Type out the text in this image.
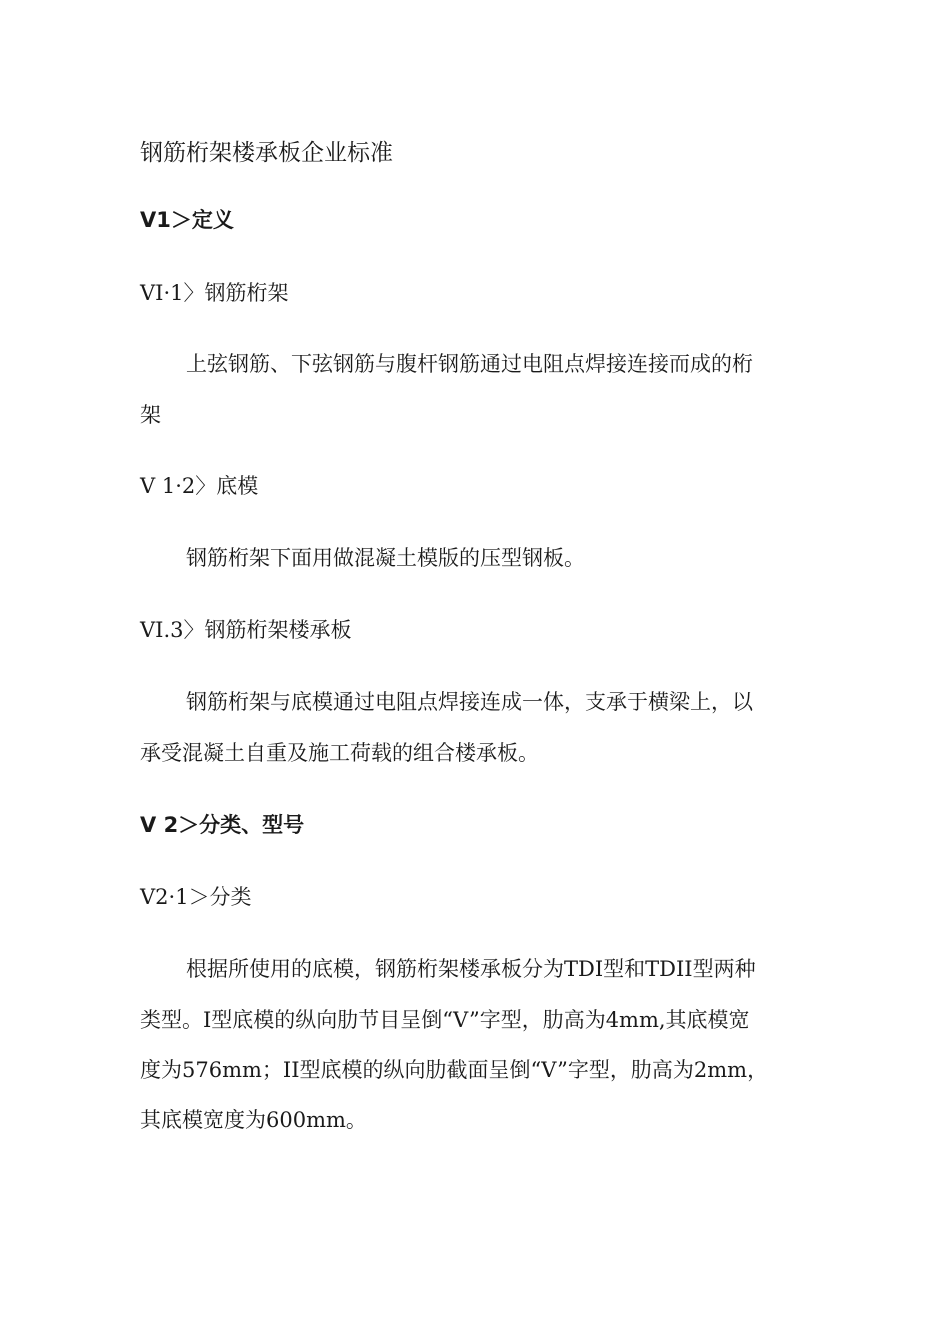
钢筋桁架楼承板企业标准
V1＞定义
VI·1〉钢筋桁架
上弦钢筋、下弦钢筋与腹杆钢筋通过电阻点焊接连接而成的桁
架
V 1·2〉底模
钢筋桁架下面用做混凝土模版的压型钢板。
VI.3〉钢筋桁架楼承板
钢筋桁架与底模通过电阻点焊接连成一体，支承于横梁上，以
承受混凝土自重及施工荷载的组合楼承板。
V 2＞分类、型号
V2·1＞分类
根据所使用的底模，钢筋桁架楼承板分为TDI型和TDII型两种
类型。I型底模的纵向肋节目呈倒“V”字型，肋高为4mm,其底模宽
度为576mm；II型底模的纵向肋截面呈倒“V”字型，肋高为2mm，
其底模宽度为600mm。
